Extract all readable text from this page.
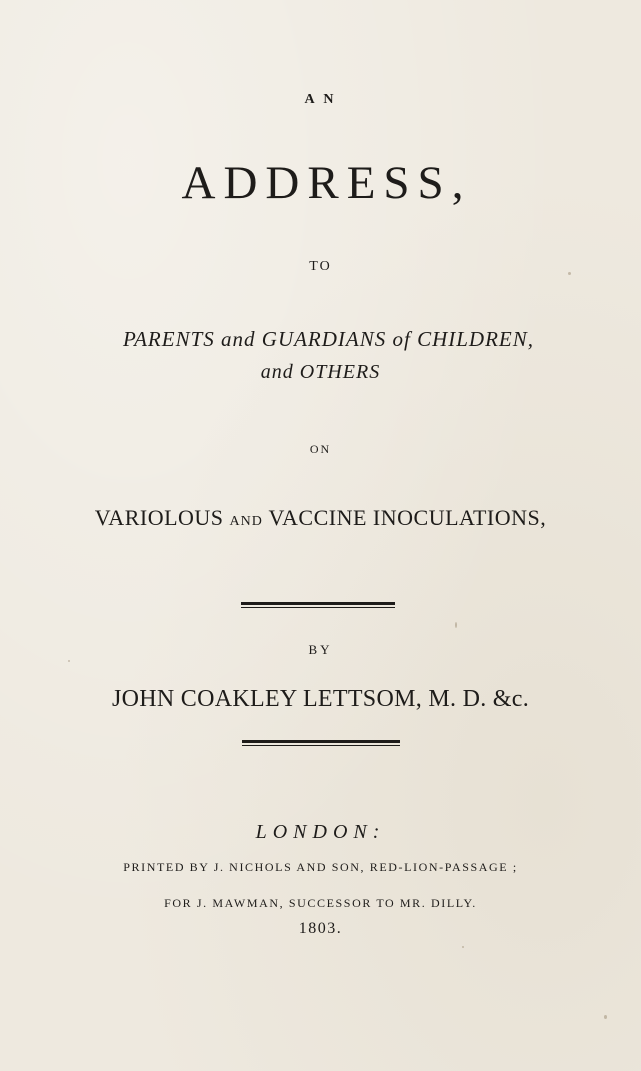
A N
ADDRESS,
TO
PARENTS and GUARDIANS of CHILDREN,
and OTHERS
ON
VARIOLOUS AND VACCINE INOCULATIONS,
BY
JOHN COAKLEY LETTSOM, M. D. &c.
LONDON:
PRINTED BY J. NICHOLS AND SON, RED-LION-PASSAGE ;
FOR J. MAWMAN, SUCCESSOR TO MR. DILLY.
1803.
